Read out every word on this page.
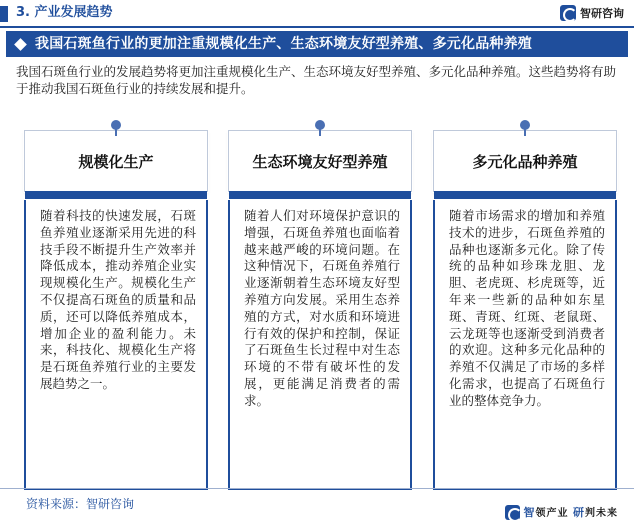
3. 产业发展趋势	智研咨询
我国石斑鱼行业的更加注重规模化生产、生态环境友好型养殖、多元化品种养殖

我国石斑鱼行业的发展趋势将更加注重规模化生产、生态环境友好型养殖、多元化品种养殖。这些趋势将有助于推动我国石斑鱼行业的持续发展和提升。

规模化生产
随着科技的快速发展，石斑鱼养殖业逐渐采用先进的科技手段不断提升生产效率并降低成本，推动养殖企业实现规模化生产。规模化生产不仅提高石斑鱼的质量和品质，还可以降低养殖成本，增加企业的盈利能力。未来，科技化、规模化生产将是石斑鱼养殖行业的主要发展趋势之一。
生态环境友好型养殖
随着人们对环境保护意识的增强，石斑鱼养殖也面临着越来越严峻的环境问题。在这种情况下，石斑鱼养殖行业逐渐朝着生态环境友好型养殖方向发展。采用生态养殖的方式，对水质和环境进行有效的保护和控制，保证了石斑鱼生长过程中对生态环境的不带有破坏性的发展，更能满足消费者的需求。
多元化品种养殖
随着市场需求的增加和养殖技术的进步，石斑鱼养殖的品种也逐渐多元化。除了传统的品种如珍珠龙胆、龙胆、老虎斑、杉虎斑等，近年来一些新的品种如东星斑、青斑、红斑、老鼠斑、云龙斑等也逐渐受到消费者的欢迎。这种多元化品种的养殖不仅满足了市场的多样化需求，也提高了石斑鱼行业的整体竞争力。
资料来源：智研咨询
智领产业 研判未来
